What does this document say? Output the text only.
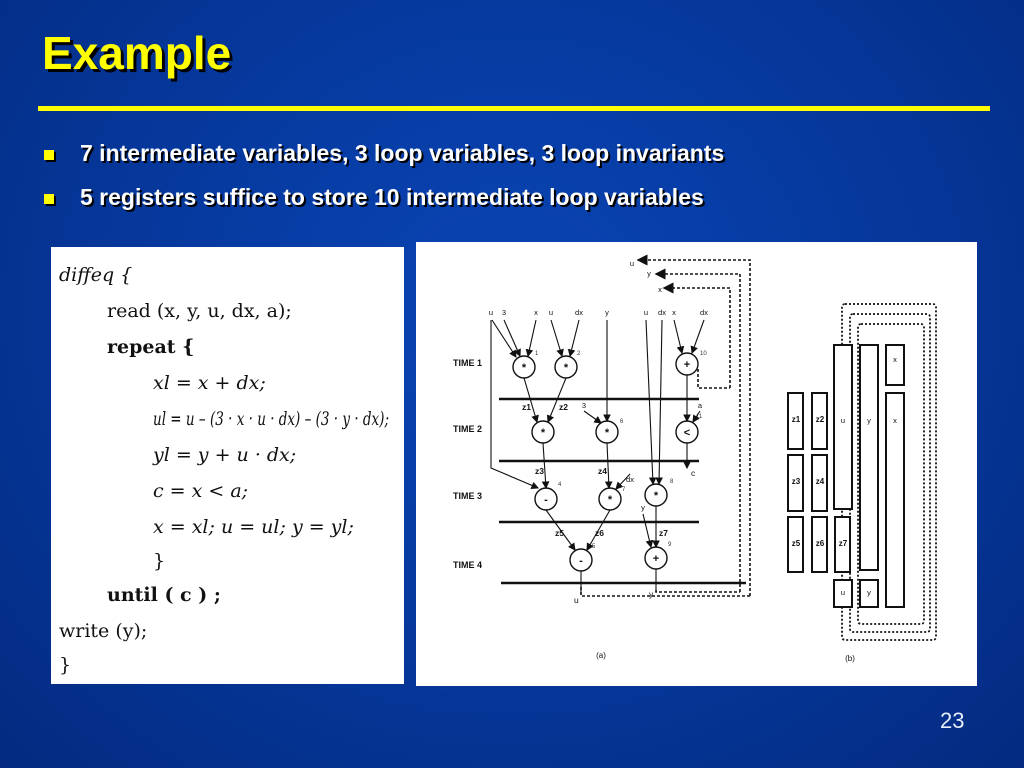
Example
7 intermediate variables, 3 loop variables, 3 loop invariants
5 registers suffice to store 10 intermediate loop variables
diffeq {
read (x, y, u, dx, a);
repeat {
xl = x + dx;
ul = u – (3 · x · u · dx) – (3 · y · dx);
yl = y + u · dx;
c = x < a;
x = xl; u = ul; y = yl;
}
until ( c ) ;
write (y);
}
TIME 1
TIME 2
TIME 3
TIME 4
u 3	x u	dx	y	u dx x	dx
u
y
x
*	*	+
*	*	<
-	*	*
-	+
1	2	10
11
6
4
7
8
5	9
3	a
dx
y
z1	z2
z3	z4
z5	z6	z7
c
u
y
(a)
z1 z2
z3 z4
z5 z6 z7
u	y	x
x
u	y
(b)
23
